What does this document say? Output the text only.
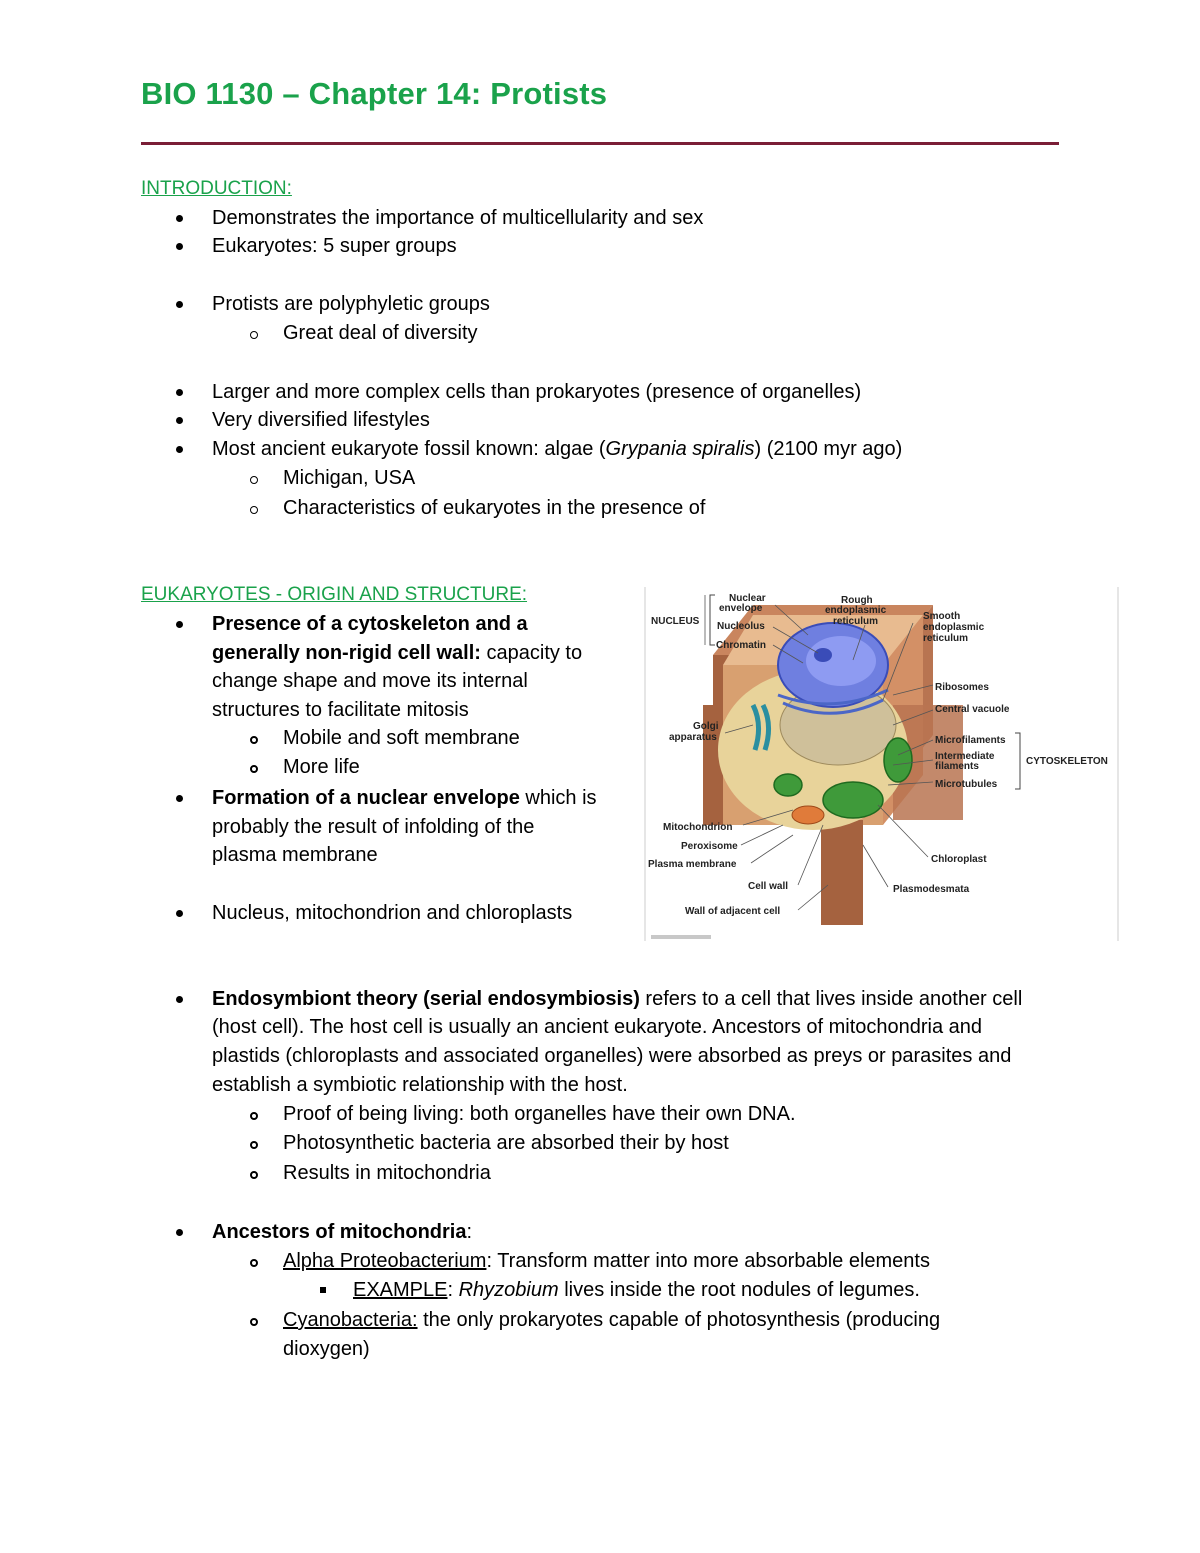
BIO 1130 – Chapter 14: Protists
INTRODUCTION:
Demonstrates the importance of multicellularity and sex
Eukaryotes: 5 super groups
Protists are polyphyletic groups
Great deal of diversity
Larger and more complex cells than prokaryotes (presence of organelles)
Very diversified lifestyles
Most ancient eukaryote fossil known: algae (Grypania spiralis) (2100 myr ago)
Michigan, USA
Characteristics of eukaryotes in the presence of
EUKARYOTES - ORIGIN AND STRUCTURE:
Presence of a cytoskeleton and a
generally non-rigid cell wall: capacity to
change shape and move its internal
structures to facilitate mitosis
Mobile and soft membrane
More life
Formation of a nuclear envelope which is
probably the result of infolding of the
plasma membrane
Nucleus, mitochondrion and chloroplasts
NUCLEUS
Nuclear
envelope
Nucleolus
Chromatin
Rough
endoplasmic
reticulum	Smooth
endoplasmic
reticulum
Ribosomes
Central vacuole
Golgi
apparatus	Microfilaments
Intermediate
filaments
Microtubules
CYTOSKELETON
Mitochondrion
Peroxisome
Plasma membrane	Chloroplast
Cell wall	Plasmodesmata
Wall of adjacent cell
Endosymbiont theory (serial endosymbiosis) refers to a cell that lives inside another cell
(host cell). The host cell is usually an ancient eukaryote. Ancestors of mitochondria and
plastids (chloroplasts and associated organelles) were absorbed as preys or parasites and
establish a symbiotic relationship with the host.
Proof of being living: both organelles have their own DNA.
Photosynthetic bacteria are absorbed their by host
Results in mitochondria
Ancestors of mitochondria:
Alpha Proteobacterium: Transform matter into more absorbable elements
EXAMPLE: Rhyzobium lives inside the root nodules of legumes.
Cyanobacteria: the only prokaryotes capable of photosynthesis (producing
dioxygen)
